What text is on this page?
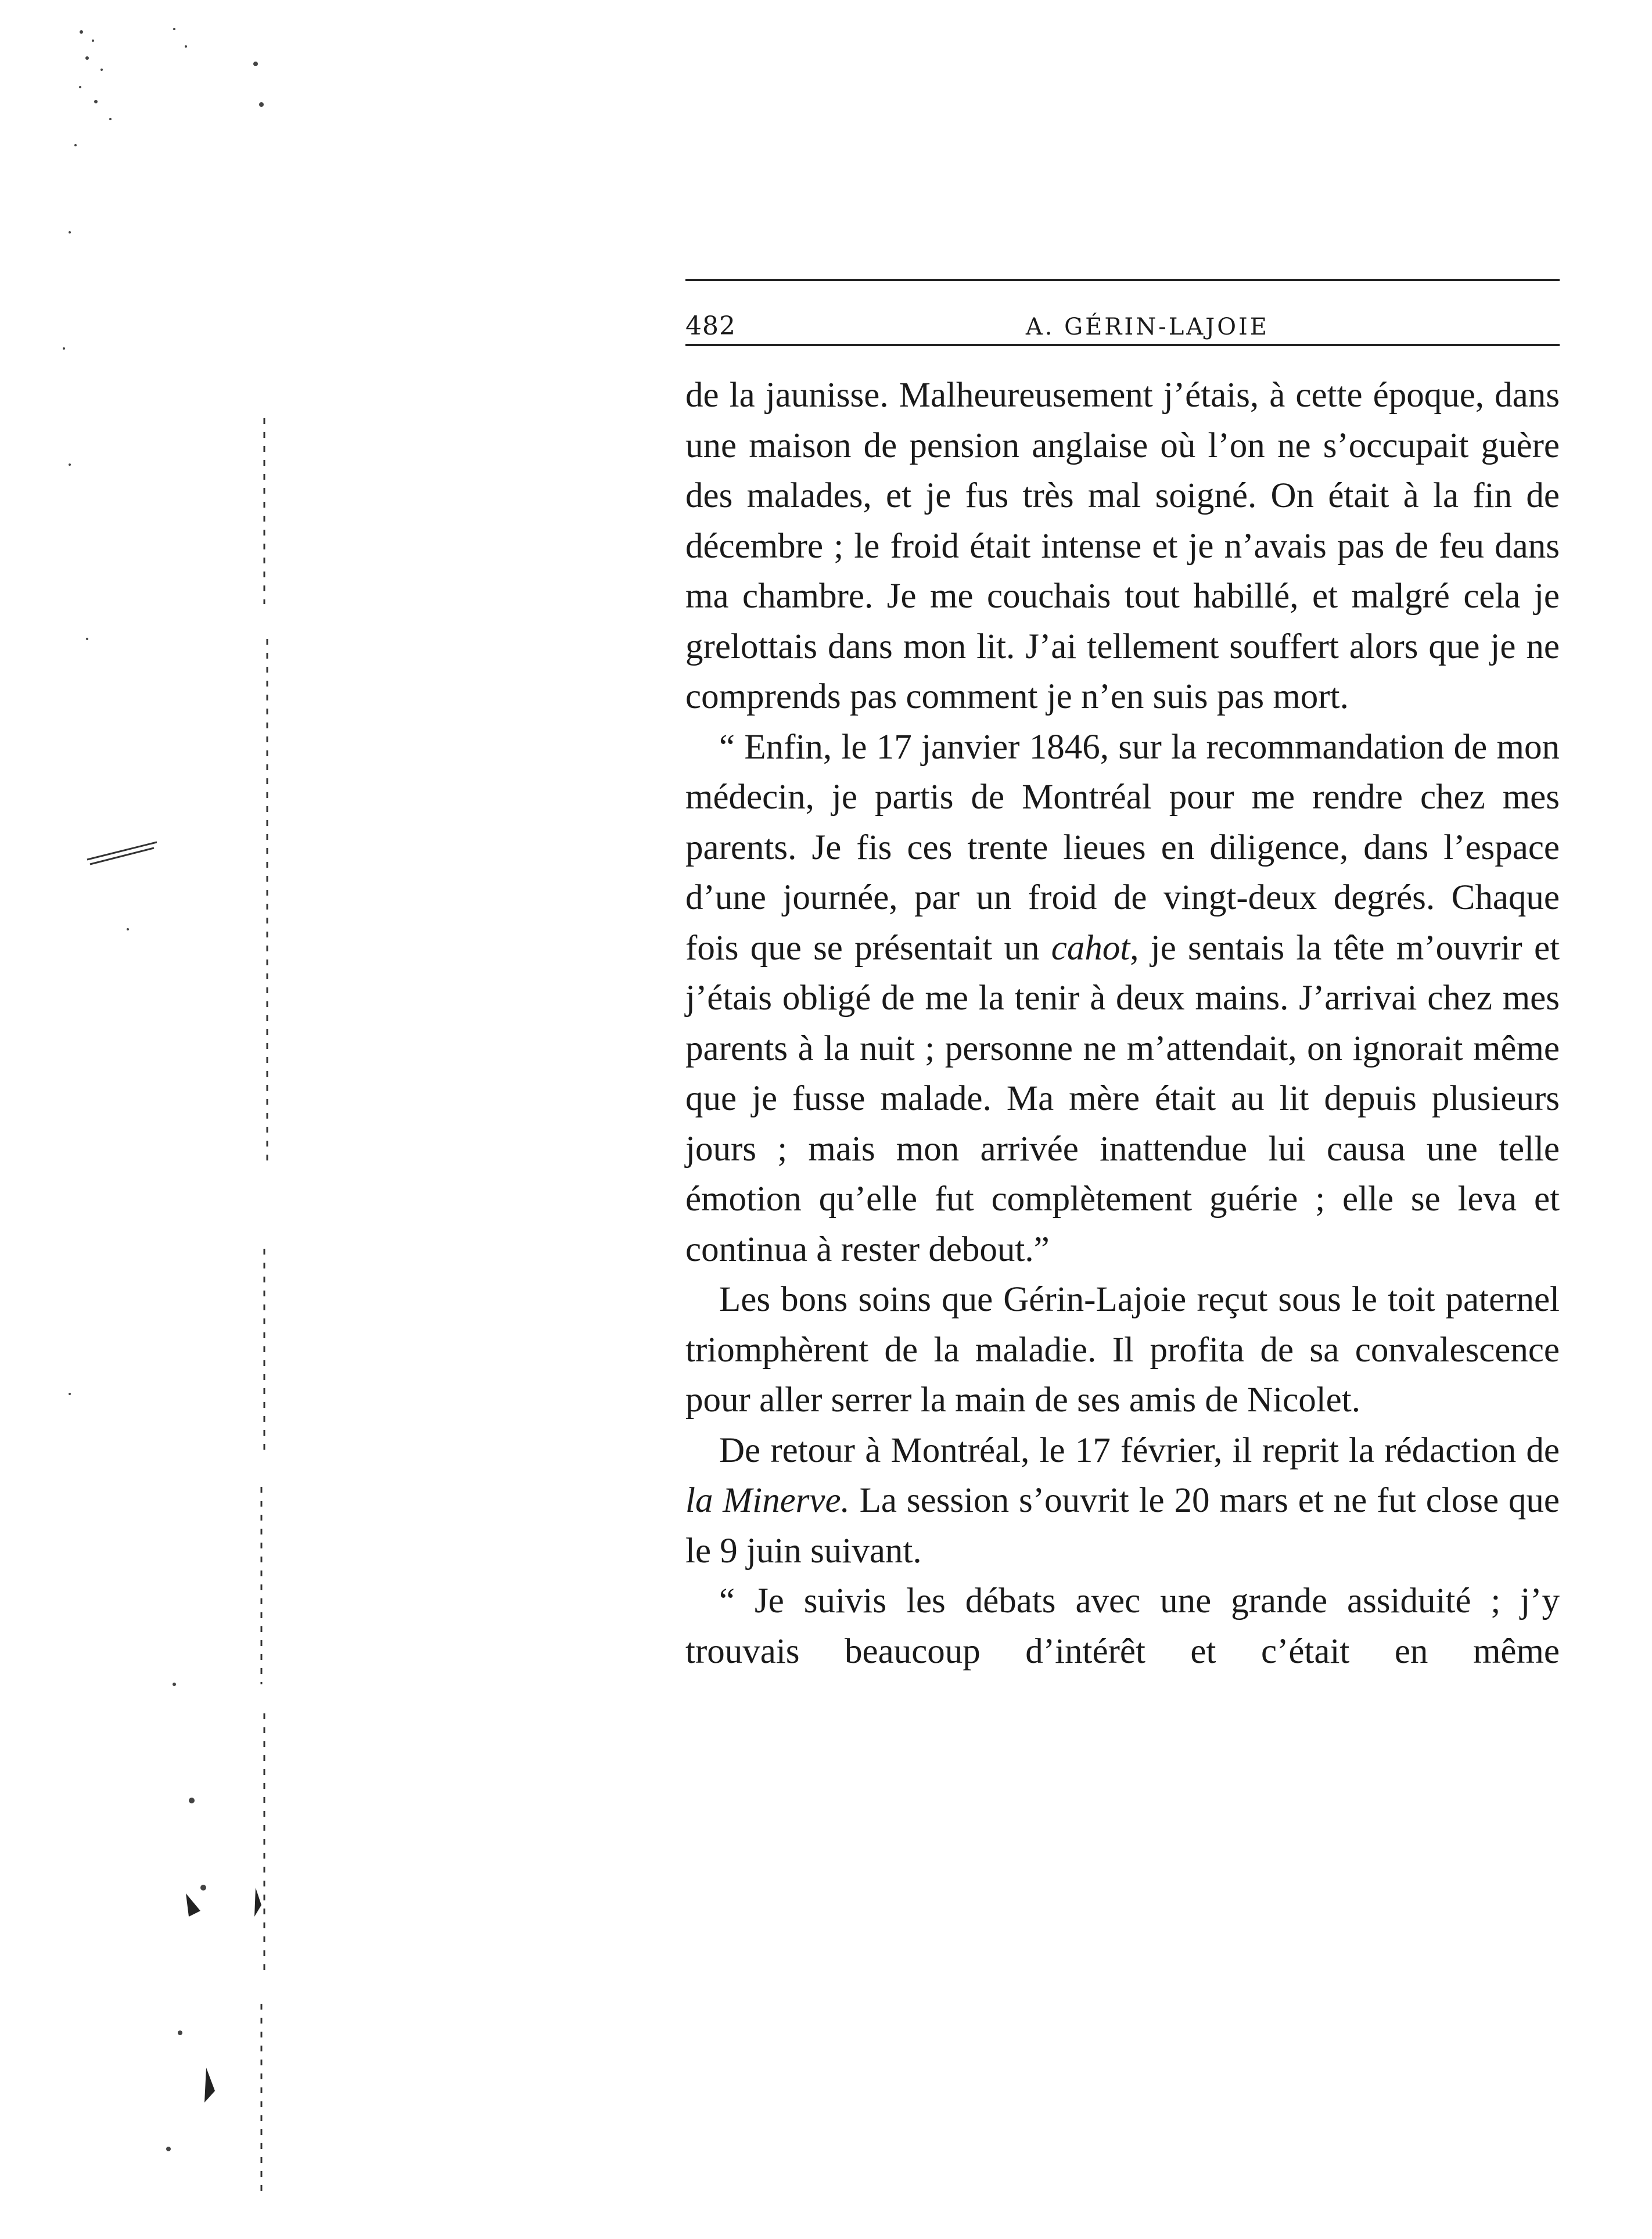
482	A. GÉRIN-LAJOIE

de la jaunisse. Malheureusement j’étais, à cette époque, dans une maison de pension anglaise où l’on ne s’occupait guère des malades, et je fus très mal soigné. On était à la fin de décembre ; le froid était intense et je n’avais pas de feu dans ma chambre. Je me couchais tout habillé, et malgré cela je grelottais dans mon lit. J’ai tellement souffert alors que je ne comprends pas comment je n’en suis pas mort.

“ Enfin, le 17 janvier 1846, sur la recommandation de mon médecin, je partis de Montréal pour me rendre chez mes parents. Je fis ces trente lieues en diligence, dans l’espace d’une journée, par un froid de vingt-deux degrés. Chaque fois que se présentait un cahot, je sentais la tête m’ouvrir et j’étais obligé de me la tenir à deux mains. J’arrivai chez mes parents à la nuit ; personne ne m’attendait, on ignorait même que je fusse malade. Ma mère était au lit depuis plusieurs jours ; mais mon arrivée inattendue lui causa une telle émotion qu’elle fut complètement guérie ; elle se leva et continua à rester debout.”

Les bons soins que Gérin-Lajoie reçut sous le toit paternel triomphèrent de la maladie. Il profita de sa convalescence pour aller serrer la main de ses amis de Nicolet.

De retour à Montréal, le 17 février, il reprit la rédaction de la Minerve. La session s’ouvrit le 20 mars et ne fut close que le 9 juin suivant.

“ Je suivis les débats avec une grande assiduité ; j’y trouvais beaucoup d’intérêt et c’était en même
